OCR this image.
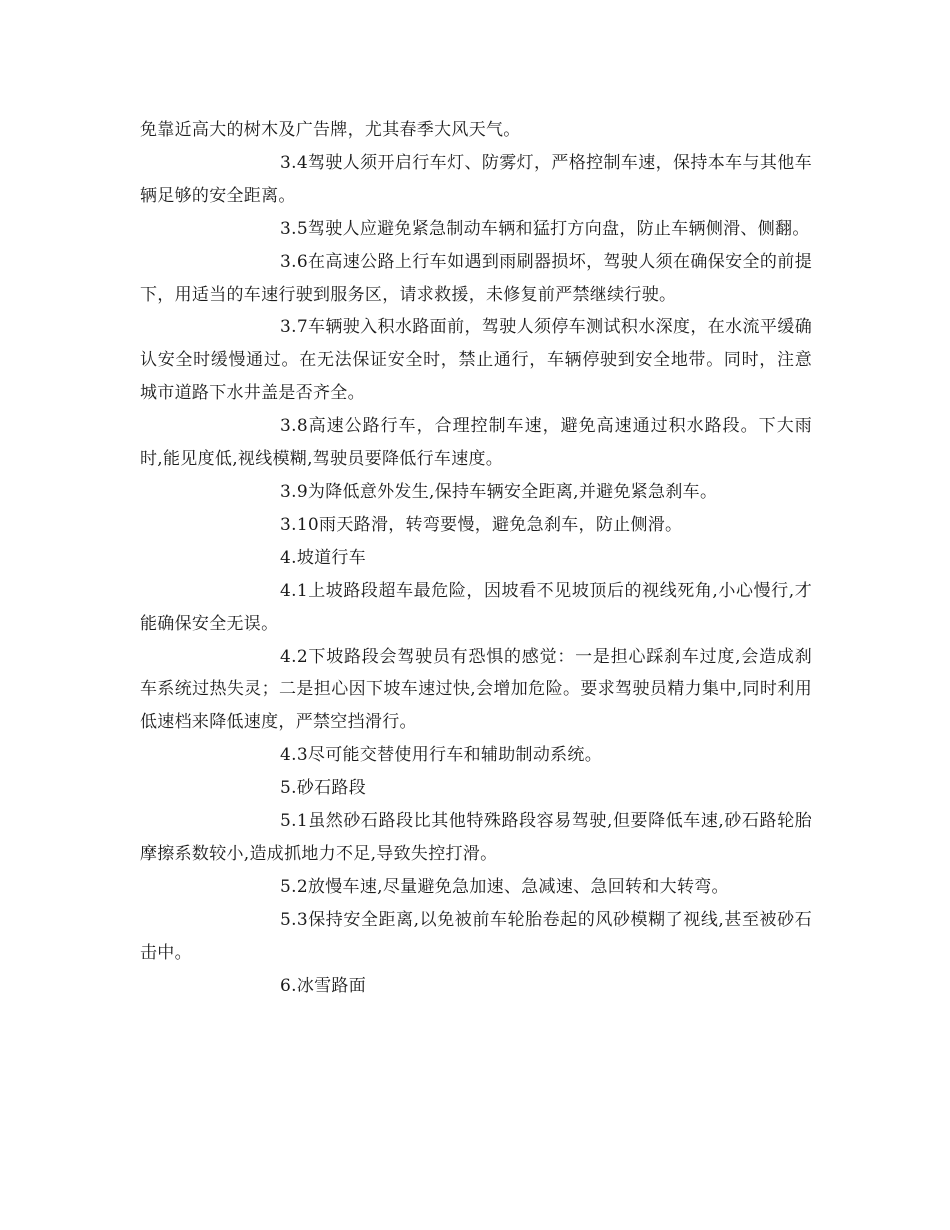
免靠近高大的树木及广告牌，尤其春季大风天气。

3.4驾驶人须开启行车灯、防雾灯，严格控制车速，保持本车与其他车辆足够的安全距离。

3.5驾驶人应避免紧急制动车辆和猛打方向盘，防止车辆侧滑、侧翻。

3.6在高速公路上行车如遇到雨刷器损坏，驾驶人须在确保安全的前提下，用适当的车速行驶到服务区，请求救援，未修复前严禁继续行驶。

3.7车辆驶入积水路面前，驾驶人须停车测试积水深度，在水流平缓确认安全时缓慢通过。在无法保证安全时，禁止通行，车辆停驶到安全地带。同时，注意城市道路下水井盖是否齐全。

3.8高速公路行车，合理控制车速，避免高速通过积水路段。下大雨时,能见度低,视线模糊,驾驶员要降低行车速度。

3.9为降低意外发生,保持车辆安全距离,并避免紧急刹车。

3.10雨天路滑，转弯要慢，避免急刹车，防止侧滑。

4.坡道行车

4.1上坡路段超车最危险，因坡看不见坡顶后的视线死角,小心慢行,才能确保安全无误。

4.2下坡路段会驾驶员有恐惧的感觉：一是担心踩刹车过度,会造成刹车系统过热失灵；二是担心因下坡车速过快,会增加危险。要求驾驶员精力集中,同时利用低速档来降低速度，严禁空挡滑行。

4.3尽可能交替使用行车和辅助制动系统。

5.砂石路段

5.1虽然砂石路段比其他特殊路段容易驾驶,但要降低车速,砂石路轮胎摩擦系数较小,造成抓地力不足,导致失控打滑。

5.2放慢车速,尽量避免急加速、急减速、急回转和大转弯。

5.3保持安全距离,以免被前车轮胎卷起的风砂模糊了视线,甚至被砂石击中。

6.冰雪路面
